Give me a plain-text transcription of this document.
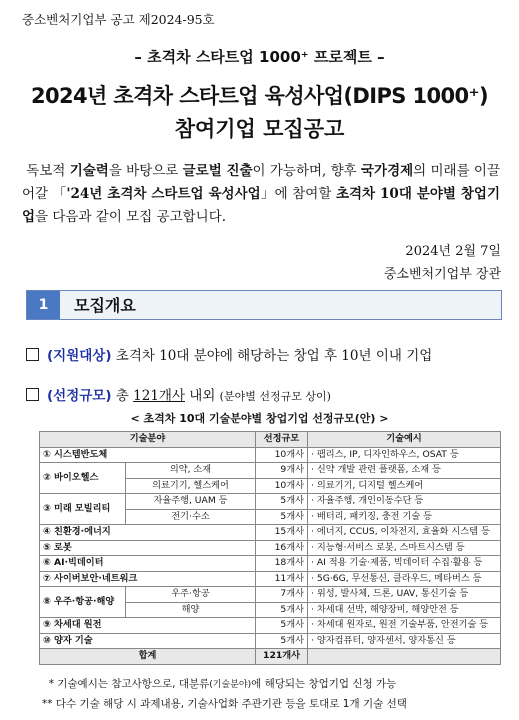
중소벤처기업부 공고 제2024-95호
– 초격차 스타트업 1000⁺ 프로젝트 –
2024년 초격차 스타트업 육성사업(DIPS 1000⁺)
참여기업 모집공고
독보적 기술력을 바탕으로 글로벌 진출이 가능하며, 향후 국가경제의 미래를 이끌어갈 「'24년 초격차 스타트업 육성사업」에 참여할 초격차 10대 분야별 창업기업을 다음과 같이 모집 공고합니다.
2024년 2월 7일
중소벤처기업부 장관
1	모집개요
(지원대상) 초격차 10대 분야에 해당하는 창업 후 10년 이내 기업
(선정규모) 총 121개사 내외 (분야별 선정규모 상이)
< 초격차 10대 기술분야별 창업기업 선정규모(안) >
기술분야		선정규모	기술예시
① 시스템반도체		10개사	· 팹리스, IP, 디자인하우스, OSAT 등
② 바이오헬스	의약, 소재	9개사	· 신약 개발 관련 플랫폼, 소재 등
	의료기기, 헬스케어	10개사	· 의료기기, 디지털 헬스케어
③ 미래 모빌리티	자율주행, UAM 등	5개사	· 자율주행, 개인이동수단 등
	전기·수소	5개사	· 배터리, 패키징, 충전 기술 등
④ 친환경·에너지		15개사	· 에너지, CCUS, 이차전지, 효율화 시스템 등
⑤ 로봇		16개사	· 지능형·서비스 로봇, 스마트시스템 등
⑥ AI·빅데이터		18개사	· AI 적용 기술·제품, 빅데이터 수집·활용 등
⑦ 사이버보안·네트워크		11개사	· 5G·6G, 무선통신, 클라우드, 메타버스 등
⑧ 우주·항공·해양	우주·항공	7개사	· 위성, 발사체, 드론, UAV, 통신기술 등
	해양	5개사	· 차세대 선박, 해양장비, 해양안전 등
⑨ 차세대 원전		5개사	· 차세대 원자로, 원전 기술부품, 안전기술 등
⑩ 양자 기술		5개사	· 양자컴퓨터, 양자센서, 양자통신 등
합계		121개사	
* 기술예시는 참고사항으로, 대분류(기술분야)에 해당되는 창업기업 신청 가능
** 다수 기술 해당 시 과제내용, 기술사업화 주관기관 등을 토대로 1개 기술 선택
